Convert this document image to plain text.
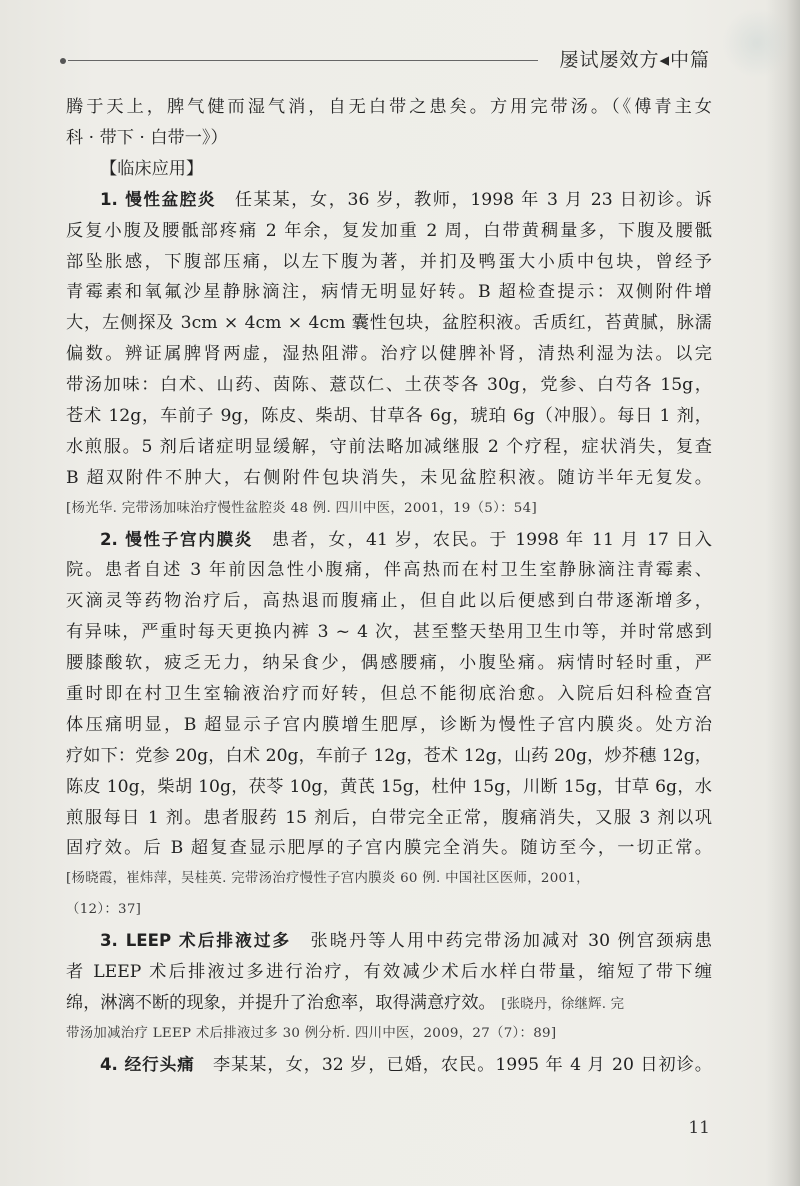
屡试屡效方◂中篇
腾于天上，脾气健而湿气消，自无白带之患矣。方用完带汤。（《傅青主女
科 · 带下 · 白带一》）
【临床应用】
1. 慢性盆腔炎　 任某某，女，36 岁，教师，1998 年 3 月 23 日初诊。诉
反复小腹及腰骶部疼痛 2 年余，复发加重 2 周，白带黄稠量多，下腹及腰骶
部坠胀感，下腹部压痛，以左下腹为著，并扪及鸭蛋大小质中包块，曾经予
青霉素和氧氟沙星静脉滴注，病情无明显好转。B 超检查提示：双侧附件增
大，左侧探及 3cm × 4cm × 4cm 囊性包块，盆腔积液。舌质红，苔黄腻，脉濡
偏数。辨证属脾肾两虚，湿热阻滞。治疗以健脾补肾，清热利湿为法。以完
带汤加味：白术、山药、茵陈、薏苡仁、土茯苓各 30g，党参、白芍各 15g，
苍术 12g，车前子 9g，陈皮、柴胡、甘草各 6g，琥珀 6g（冲服）。每日 1 剂，
水煎服。5 剂后诸症明显缓解，守前法略加减继服 2 个疗程，症状消失，复查
B 超双附件不肿大，右侧附件包块消失，未见盆腔积液。随访半年无复发。
[杨光华. 完带汤加味治疗慢性盆腔炎 48 例. 四川中医，2001，19（5）：54]
2. 慢性子宫内膜炎　 患者，女，41 岁，农民。于 1998 年 11 月 17 日入
院。患者自述 3 年前因急性小腹痛，伴高热而在村卫生室静脉滴注青霉素、
灭滴灵等药物治疗后，高热退而腹痛止，但自此以后便感到白带逐渐增多，
有异味，严重时每天更换内裤 3 ~ 4 次，甚至整天垫用卫生巾等，并时常感到
腰膝酸软，疲乏无力，纳呆食少，偶感腰痛，小腹坠痛。病情时轻时重，严
重时即在村卫生室输液治疗而好转，但总不能彻底治愈。入院后妇科检查宫
体压痛明显，B 超显示子宫内膜增生肥厚，诊断为慢性子宫内膜炎。处方治
疗如下：党参 20g，白术 20g，车前子 12g，苍术 12g，山药 20g，炒芥穗 12g，
陈皮 10g，柴胡 10g，茯苓 10g，黄芪 15g，杜仲 15g，川断 15g，甘草 6g，水
煎服每日 1 剂。患者服药 15 剂后，白带完全正常，腹痛消失，又服 3 剂以巩
固疗效。后 B 超复查显示肥厚的子宫内膜完全消失。随访至今，一切正常。
[杨晓霞，崔炜萍，吴桂英. 完带汤治疗慢性子宫内膜炎 60 例. 中国社区医师，2001，
（12）：37]
3. LEEP 术后排液过多　 张晓丹等人用中药完带汤加减对 30 例宫颈病患
者 LEEP 术后排液过多进行治疗，有效减少术后水样白带量，缩短了带下缠
绵，淋漓不断的现象，并提升了治愈率，取得满意疗效。 [张晓丹，徐继辉. 完
带汤加减治疗 LEEP 术后排液过多 30 例分析. 四川中医，2009，27（7）：89]
4. 经行头痛　 李某某，女，32 岁，已婚，农民。1995 年 4 月 20 日初诊。
11
